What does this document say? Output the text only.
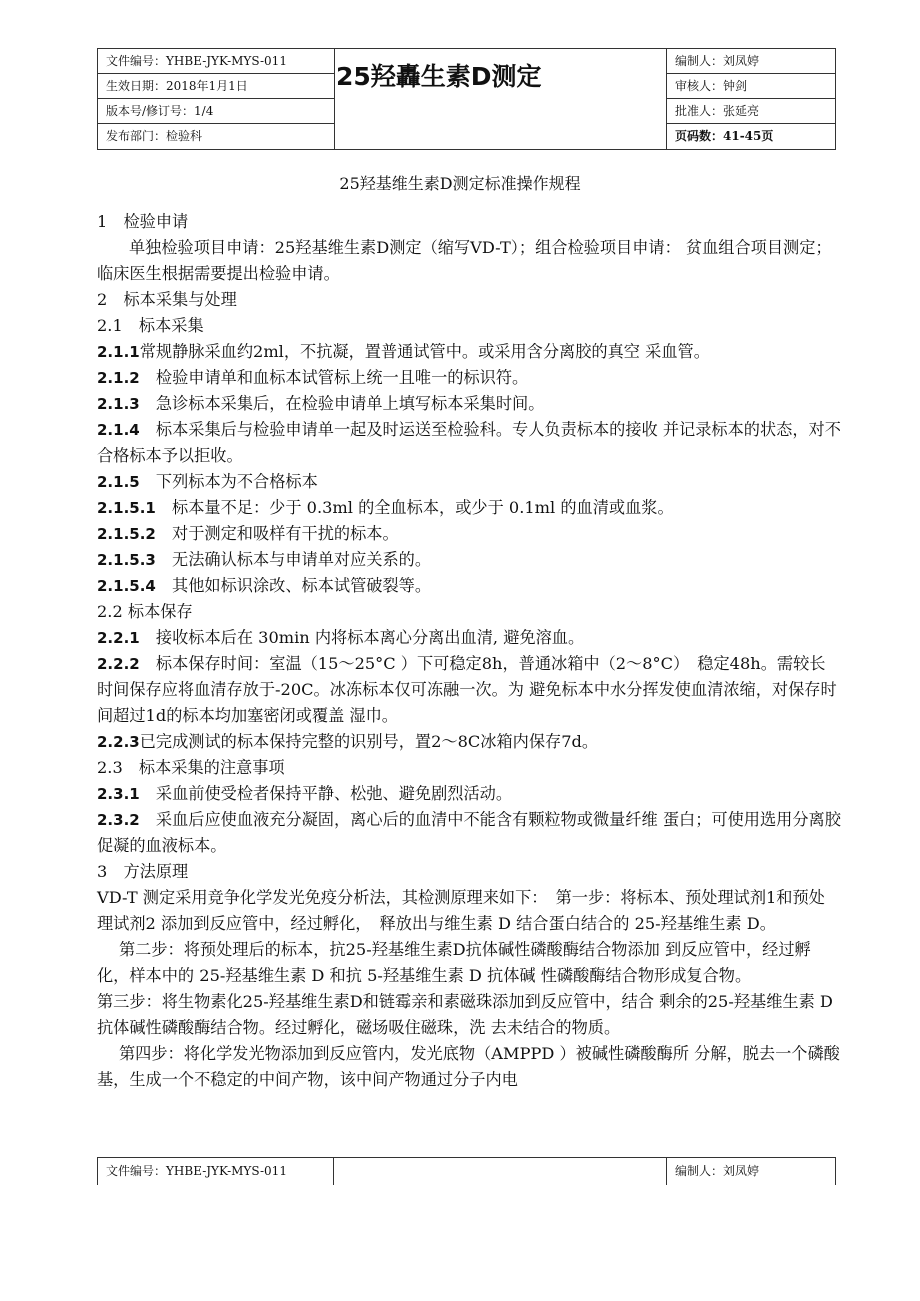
文件编号：YHBE-JYK-MYS-011
生效日期：2018年1月1日
版本号/修订号：1/4
发布部门：检验科
25羟轟生素D测定
编制人：刘凤婷
审核人：钟剑
批准人：张延亮
页码数：41-45页
25羟基维生素D测定标准操作规程

1　检验申请

单独检验项目申请：25羟基维生素D测定（缩写VD-T）；组合检验项目申请： 贫血组合项目测定；临床医生根据需要提出检验申请。

2　标本采集与处理

2.1　标本采集

2.1.1常规静脉采血约2ml，不抗凝，置普通试管中。或采用含分离胶的真空 采血管。

2.1.2　检验申请单和血标本试管标上统一且唯一的标识符。

2.1.3　急诊标本采集后，在检验申请单上填写标本采集时间。

2.1.4　标本采集后与检验申请单一起及时运送至检验科。专人负责标本的接收 并记录标本的状态，对不合格标本予以拒收。

2.1.5　下列标本为不合格标本

2.1.5.1　标本量不足：少于 0.3ml 的全血标本，或少于 0.1ml 的血清或血浆。

2.1.5.2　对于测定和吸样有干扰的标本。

2.1.5.3　无法确认标本与申请单对应关系的。

2.1.5.4　其他如标识涂改、标本试管破裂等。

2.2 标本保存

2.2.1　接收标本后在 30min 内将标本离心分离出血清, 避免溶血。

2.2.2　标本保存时间：室温（15～25°C ）下可稳定8h，普通冰箱中（2～8°C）　稳定48h。需较长时间保存应将血清存放于-20C。冰冻标本仅可冻融一次。为 避免标本中水分挥发使血清浓缩，对保存时间超过1d的标本均加塞密闭或覆盖 湿巾。

2.2.3已完成测试的标本保持完整的识别号，置2～8C冰箱内保存7d。

2.3　标本采集的注意事项

2.3.1　采血前使受检者保持平静、松弛、避免剧烈活动。

2.3.2　采血后应使血液充分凝固，离心后的血清中不能含有颗粒物或微量纤维 蛋白；可使用选用分离胶促凝的血液标本。

3　方法原理

VD-T 测定采用竞争化学发光免疫分析法，其检测原理来如下：　第一步：将标本、预处理试剂1和预处理试剂2 添加到反应管中，经过孵化，　释放出与维生素 D 结合蛋白结合的 25-羟基维生素 D。

第二步：将预处理后的标本，抗25-羟基维生素D抗体碱性磷酸酶结合物添加 到反应管中，经过孵化，样本中的 25-羟基维生素 D 和抗 5-羟基维生素 D 抗体碱 性磷酸酶结合物形成复合物。

第三步：将生物素化25-羟基维生素D和链霉亲和素磁珠添加到反应管中，结合 剩余的25-羟基维生素 D 抗体碱性磷酸酶结合物。经过孵化，磁场吸住磁珠，洗 去未结合的物质。

第四步：将化学发光物添加到反应管内，发光底物（AMPPD ）被碱性磷酸酶所 分解，脱去一个磷酸基，生成一个不稳定的中间产物，该中间产物通过分子内电

文件编号：YHBE-JYK-MYS-011	编制人：刘凤婷
